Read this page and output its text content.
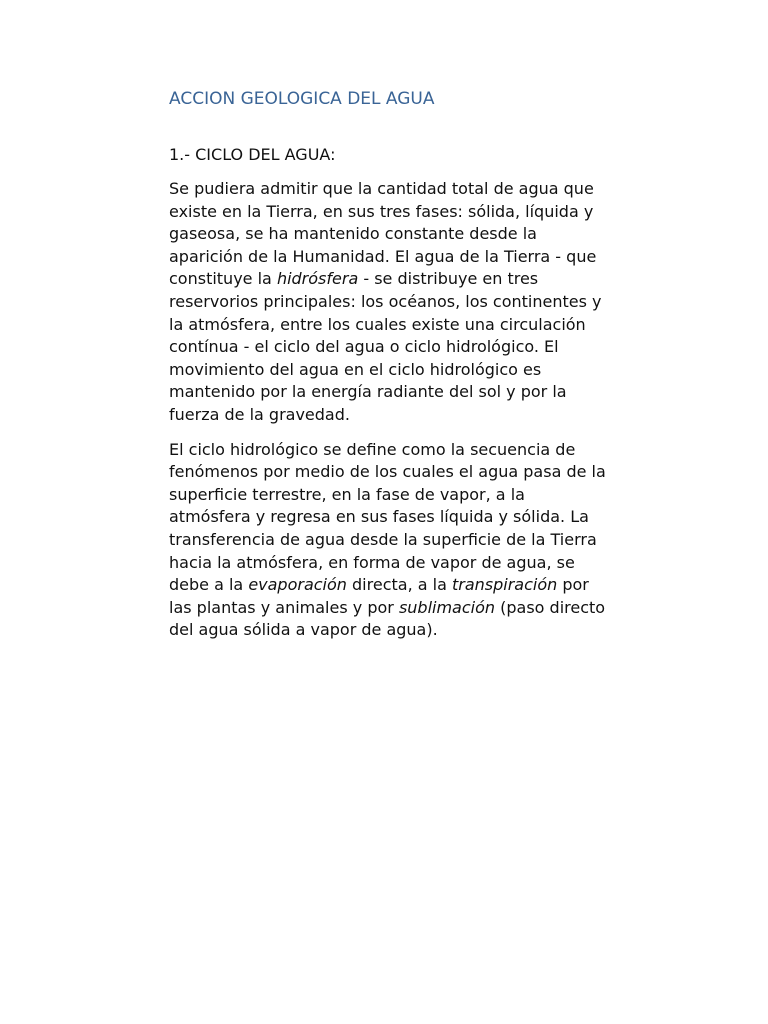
ACCION GEOLOGICA DEL AGUA

1.- CICLO DEL AGUA:

Se pudiera admitir que la cantidad total de agua que existe en la Tierra, en sus tres fases: sólida, líquida y gaseosa, se ha mantenido constante desde la aparición de la Humanidad. El agua de la Tierra - que constituye la hidrósfera - se distribuye en tres reservorios principales: los océanos, los continentes y la atmósfera, entre los cuales existe una circulación contínua - el ciclo del agua o ciclo hidrológico. El movimiento del agua en el ciclo hidrológico es mantenido por la energía radiante del sol y por la fuerza de la gravedad.

El ciclo hidrológico se define como la secuencia de fenómenos por medio de los cuales el agua pasa de la superficie terrestre, en la fase de vapor, a la atmósfera y regresa en sus fases líquida y sólida. La transferencia de agua desde la superficie de la Tierra hacia la atmósfera, en forma de vapor de agua, se debe a la evaporación directa, a la transpiración por las plantas y animales y por sublimación (paso directo del agua sólida a vapor de agua).
